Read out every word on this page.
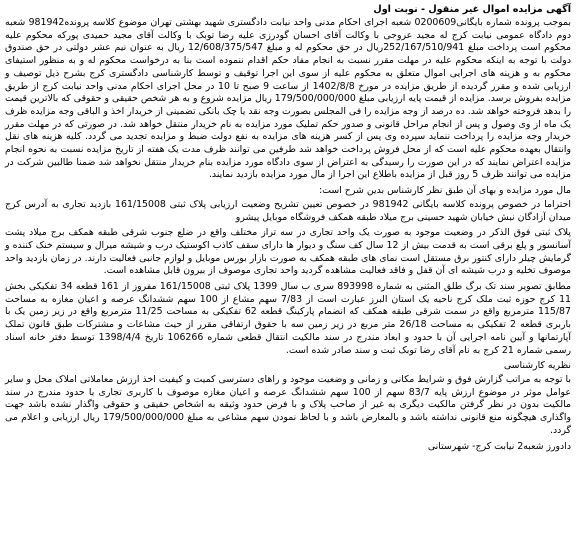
آگهی مزایده اموال غیر منقول - نوبت اول

بموجب پرونده شماره بایگانی0200609 شعبه اجرای احکام مدنی واحد نیابت دادگستری شهید بهشتی تهران موضوع کلاسه پرونده981942 شعبه دوم دادگاه عمومی نیابت کرج له مجید عروجی با وکالت آقای احسان گودرزی علیه رضا توبک با وکالت آقای مجید حمیدی پورکه محکوم علیه محکوم است پرداخت مبلغ 252/167/510/941ریال در حق محکوم له و مبلغ 12/608/375/547 ریال به عنوان نیم عشر دولتی در حق صندوق دولت با توجه به اینکه محکوم علیه در مهلت مقرر نسبت به انجام مفاد حکم اقدام ننموده است بنا به درخواست محکوم له و به منظور استیفای محکوم به و هزینه های اجرایی اموال متعلق به محکوم علیه از سوی این اجرا توقیف و توسط کارشناسی دادگستری کرج بشرح ذیل توصیف و ارزیابی شده و مقرر گردیده از طریق مزایده در مورخ 1402/8/8 از ساعت 9 صبح تا 10 در محل اجرای احکام مدنی واحد نیابت کرج از طریق مزایده بفروش برسد. مزایده از قیمت پایه ارزیابی مبلغ 179/500/000/000 ریال مزایده شروع و به هر شخص حقیقی و حقوقی که بالاترین قیمت را بدهد فروخته خواهد شد. ده درصد از وجه مزایده را فی المجلس بصورت وجه نقد یا چک بانکی تضمینی از خریدار اخذ و الباقی وجه مزایده ظرف یک ماه از وی وصول و پس از انجام مراحل قانونی و صدور حکم تملیک مورد مزایده به نام خریدار منتقل خواهد شد. در صورتی که در مهلت مقرر خریدار وجه مزایده را پرداخت ننماید سپرده وی پس از کسر هزینه های مزایده به نفع دولت ضبط و مزایده تجدید می گردد. کلیه هزینه های نقل وانتقال بعهده محکوم علیه است که از محل فروش پرداخت خواهد شد طرفین می توانند ظرف مدت یک هفته از تاریخ مزایده نسبت به نحوه انجام مزایده اعتراض نمایند که در این صورت را رسیدگی به اعتراض از سوی دادگاه مورد مزایده بنام خریدار منتقل نخواهد شد ضمنا طالبین شرکت در مزایده می توانند ظرف 5 روز قبل از مزایده باطلاع این اجرا از مال مورد مزایده بازدید نمایند.

مال مورد مزایده و بهای آن طبق نظر کارشناس بدین شرح است:

احتراما در خصوص پرونده کلاسه بایگانی 981942 در خصوص تعیین تشریح وضعیت ارزیابی پلاک ثبتی 161/15008 بازدید تجاری به آدرس کرج میدان آزادگان نبش خیابان شهید حسینی برج میلاد طبقه همکف فروشگاه موبایل پیشرو

پلاک ثبتی فوق الذکر در وضعیت موجود به صورت یک واحد تجاری در سه تراز مختلف واقع در ضلع جنوب شرقی طبقه همکف برج میلاد پشت آسانسور و پلع برقی است به قدمت بیش از 12 سال کف سنگ و دیوار ها دارای سقف کاذب اکوستیک درب و شیشه میرال و سیستم خنک کننده و گرمایش چیلر دارای کنتور برق مستقل است نمای های طبقه همکف به صورت بازار بورس موبایل و لوازم جانبی فعالیت دارند. در زمان بازدید واحد موصوف تخلیه و درب شیشه ای آن قفل و فاقد فعالیت مشاهده گردید واحد تجاری موصوف از بیرون قابل مشاهده است.

مطابق تصویر سند تک برگ طلق المثنی به شماره 893998 سری ب سال 1399 پلاک ثبتی 161/15008 مفروز از 161 قطعه 34 تفکیکی بخش 11 کرج حوزه ثبت ملک کرج ناحیه یک استان البرز عبارت است از 7/83 سهم مشاع از 100 سهم ششدانگ عرصه و اعیان مغازه به مساحت 115/87 مترمربع واقع در سمت شرقی طبقه همکف که انضمام پارکینگ قطعه 62 تفکیکی به مساحت 11/25 مترمربع واقع در زیر زمین یک با باربری قطعه 2 تفکیکی به مساحت 26/18 متر مربع در زیر زمین سه با حقوق ارتفاقی مقرر از حیث مشاعات و مشترکات طبق قانون تملک آپارتمانها و آیین نامه اجرایی آن با حدود و ابعاد مندرج در سند مالکیت انتقال قطعی شماره 106266 تاریخ 1398/4/4 توسط دفتر خانه اسناد رسمی شماره 21 کرج به نام آقای رضا توبک ثبت و سند صادر شده است.

نظریه کارشناسی

با توجه به مراتب گزارش فوق و شرایط مکانی و زمانی و وضعیت موجود و راهای دسترسی کمیت و کیفیت اخذ ارزش معاملاتی املاک محل و سایر عوامل موثر در موضوع ارزش پایه 83/7 سهم از 100 سهم ششدانگ عرصه و اعیان مغازه موصوف با کاربری تجاری با حدود مندرج در سند مالکیت بدون در نظر گرفتن مالکیت دیگری به غیر از صاحب پلاک و با فرض حدود وثیقه به اشخاص حقیقی و حقوقی واگذار نشده باشد جهت واگذاری هیچگونه منع قانونی نداشته باشد و بالمعارض باشد و با لحاظ نمودن سهم مشاعی به مبلغ 179/500/000/000 ریال ارزیابی و اعلام می گردد.

دادورز شعبه2 نیابت کرج- شهرستانی
